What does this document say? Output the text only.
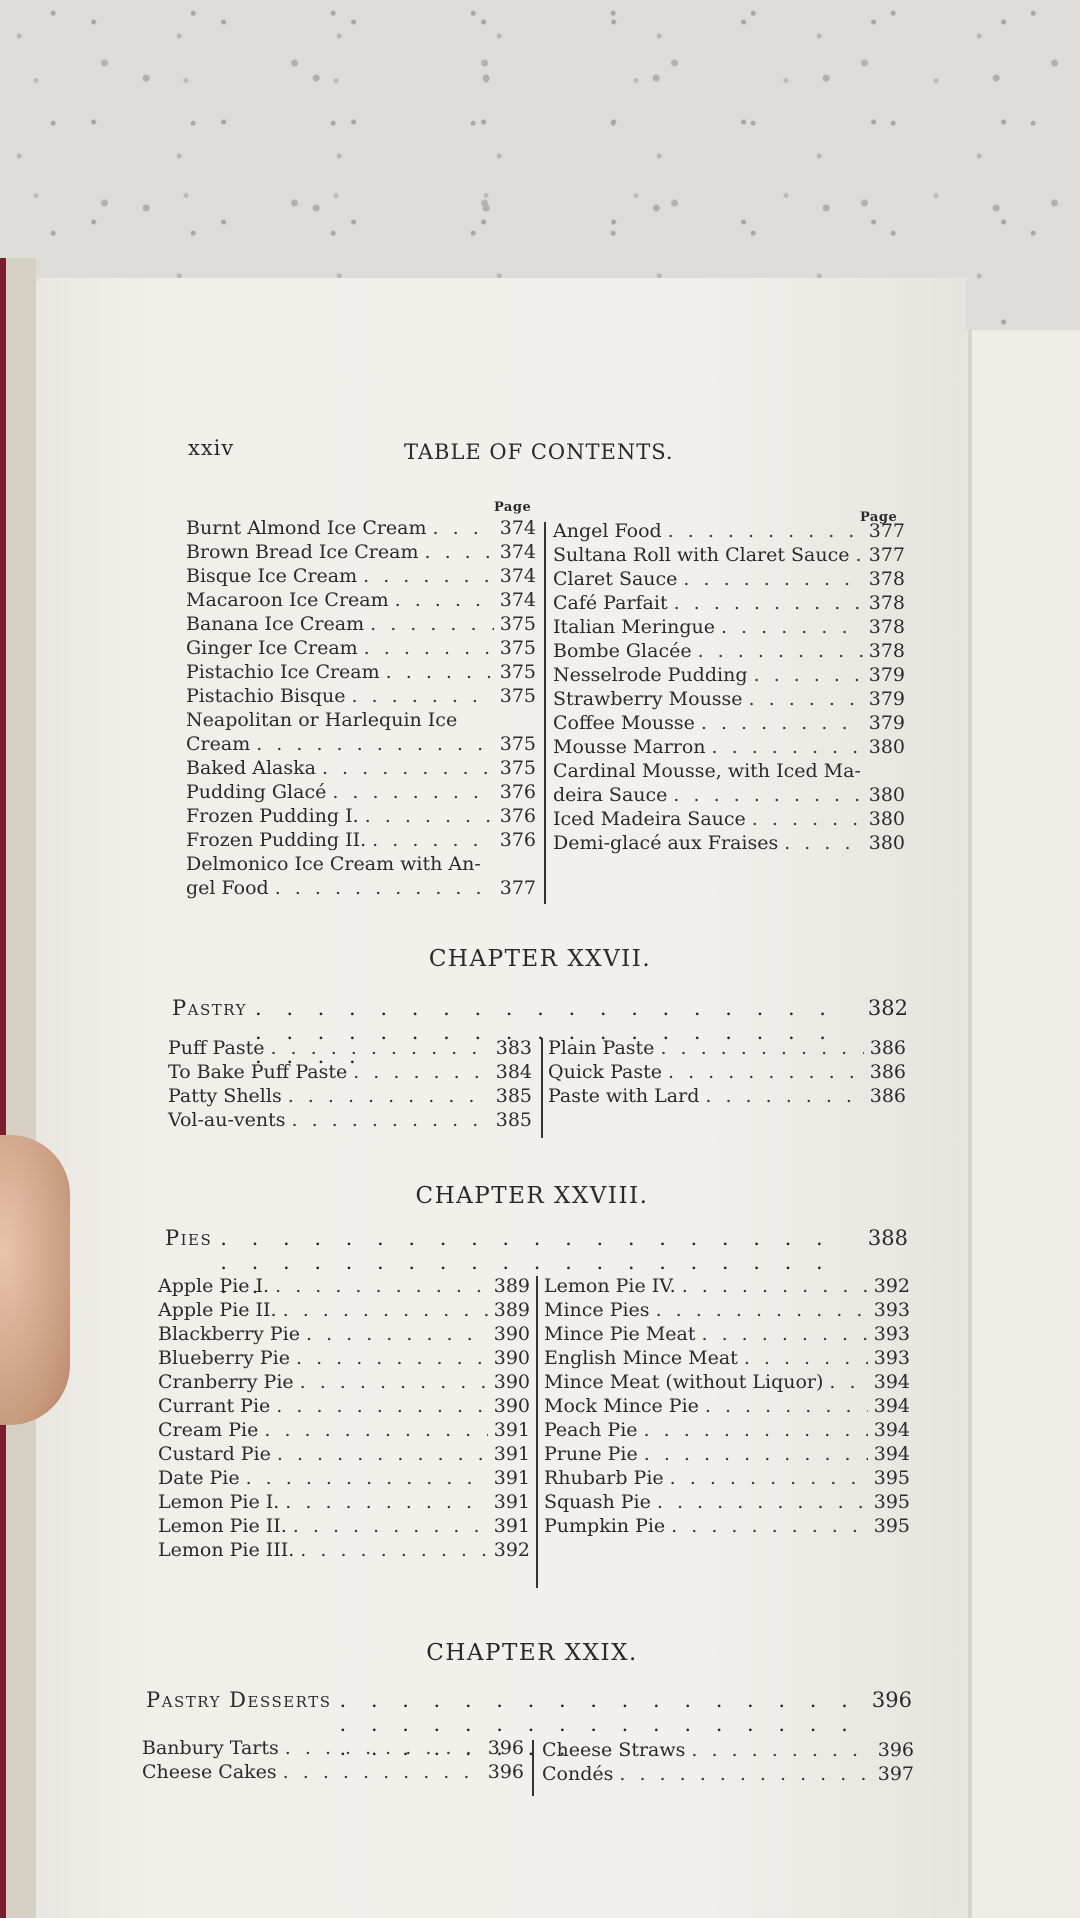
xxiv	TABLE OF CONTENTS.
Page
Page
Burnt Almond Ice Cream . . .	374
Brown Bread Ice Cream . . .	374
Bisque Ice Cream . . .	374
Macaroon Ice Cream . . .	374
Banana Ice Cream . . .	375
Ginger Ice Cream . . .	375
Pistachio Ice Cream . . .	375
Pistachio Bisque . . .	375
Neapolitan or Harlequin Ice
Cream . . .	375
Baked Alaska . . .	375
Pudding Glacé . . .	376
Frozen Pudding I. . . .	376
Frozen Pudding II. . . .	376
Delmonico Ice Cream with An-
gel Food . . .	377
Angel Food . . .	377
Sultana Roll with Claret Sauce . . . 377
Claret Sauce . . .	378
Café Parfait . . .	378
Italian Meringue . . .	378
Bombe Glacée . . .	378
Nesselrode Pudding . . .	379
Strawberry Mousse . . .	379
Coffee Mousse . . .	379
Mousse Marron . . .	380
Cardinal Mousse, with Iced Ma-
deira Sauce . . .	380
Iced Madeira Sauce . . .	380
Demi-glacé aux Fraises . . .	380
CHAPTER XXVII.
Pastry . . .	382
Puff Paste . . .	383
To Bake Puff Paste . . .	384
Patty Shells . . .	385
Vol-au-vents . . .	385
Plain Paste . . .	386
Quick Paste . . .	386
Paste with Lard . . .	386
CHAPTER XXVIII.
Pies . . .	388
Apple Pie I. . . .	389
Apple Pie II. . . .	389
Blackberry Pie . . .	390
Blueberry Pie . . .	390
Cranberry Pie . . .	390
Currant Pie . . .	390
Cream Pie . . .	391
Custard Pie . . .	391
Date Pie . . .	391
Lemon Pie I. . . .	391
Lemon Pie II. . . .	391
Lemon Pie III. . . .	392
Lemon Pie IV. . . .	392
Mince Pies . . .	393
Mince Pie Meat . . .	393
English Mince Meat . . .	393
Mince Meat (without Liquor) . . .	394
Mock Mince Pie . . .	394
Peach Pie . . .	394
Prune Pie . . .	394
Rhubarb Pie . . .	395
Squash Pie . . .	395
Pumpkin Pie . . .	395
CHAPTER XXIX.
Pastry Desserts . . .	396
Banbury Tarts . . .	396
Cheese Cakes . . .	396
Cheese Straws . . .	396
Condés . . .	397
